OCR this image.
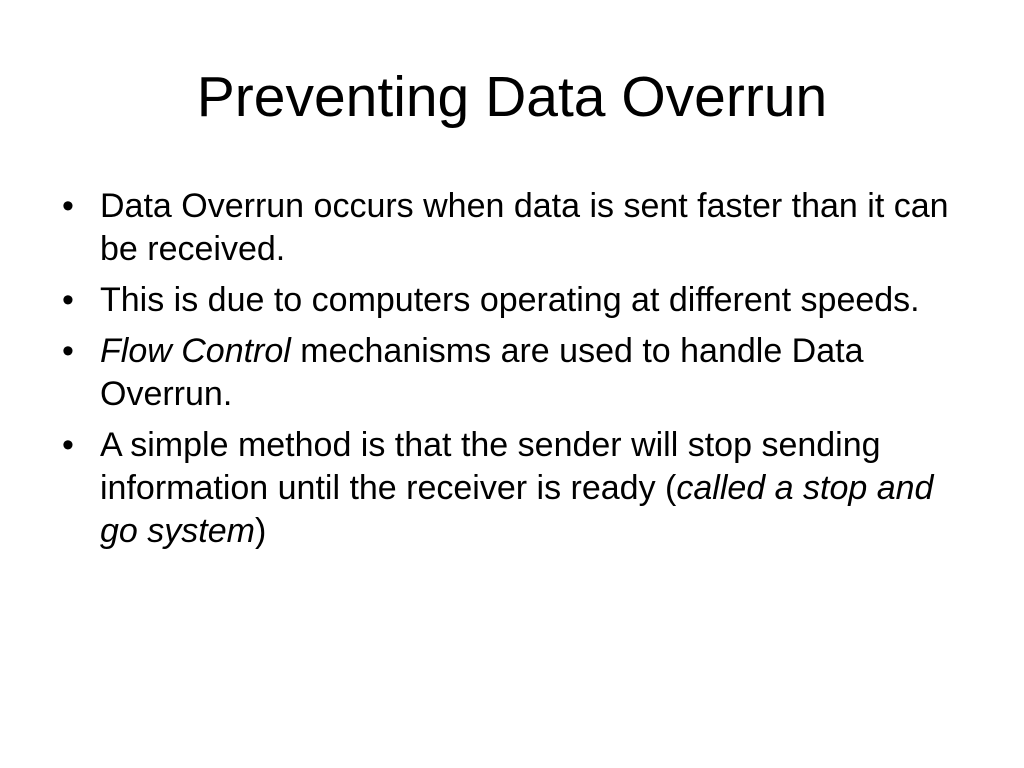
Preventing Data Overrun
• Data Overrun occurs when data is sent faster than it can be received.
• This is due to computers operating at different speeds.
• Flow Control mechanisms are used to handle Data Overrun.
• A simple method is that the sender will stop sending information until the receiver is ready (called a stop and go system)
